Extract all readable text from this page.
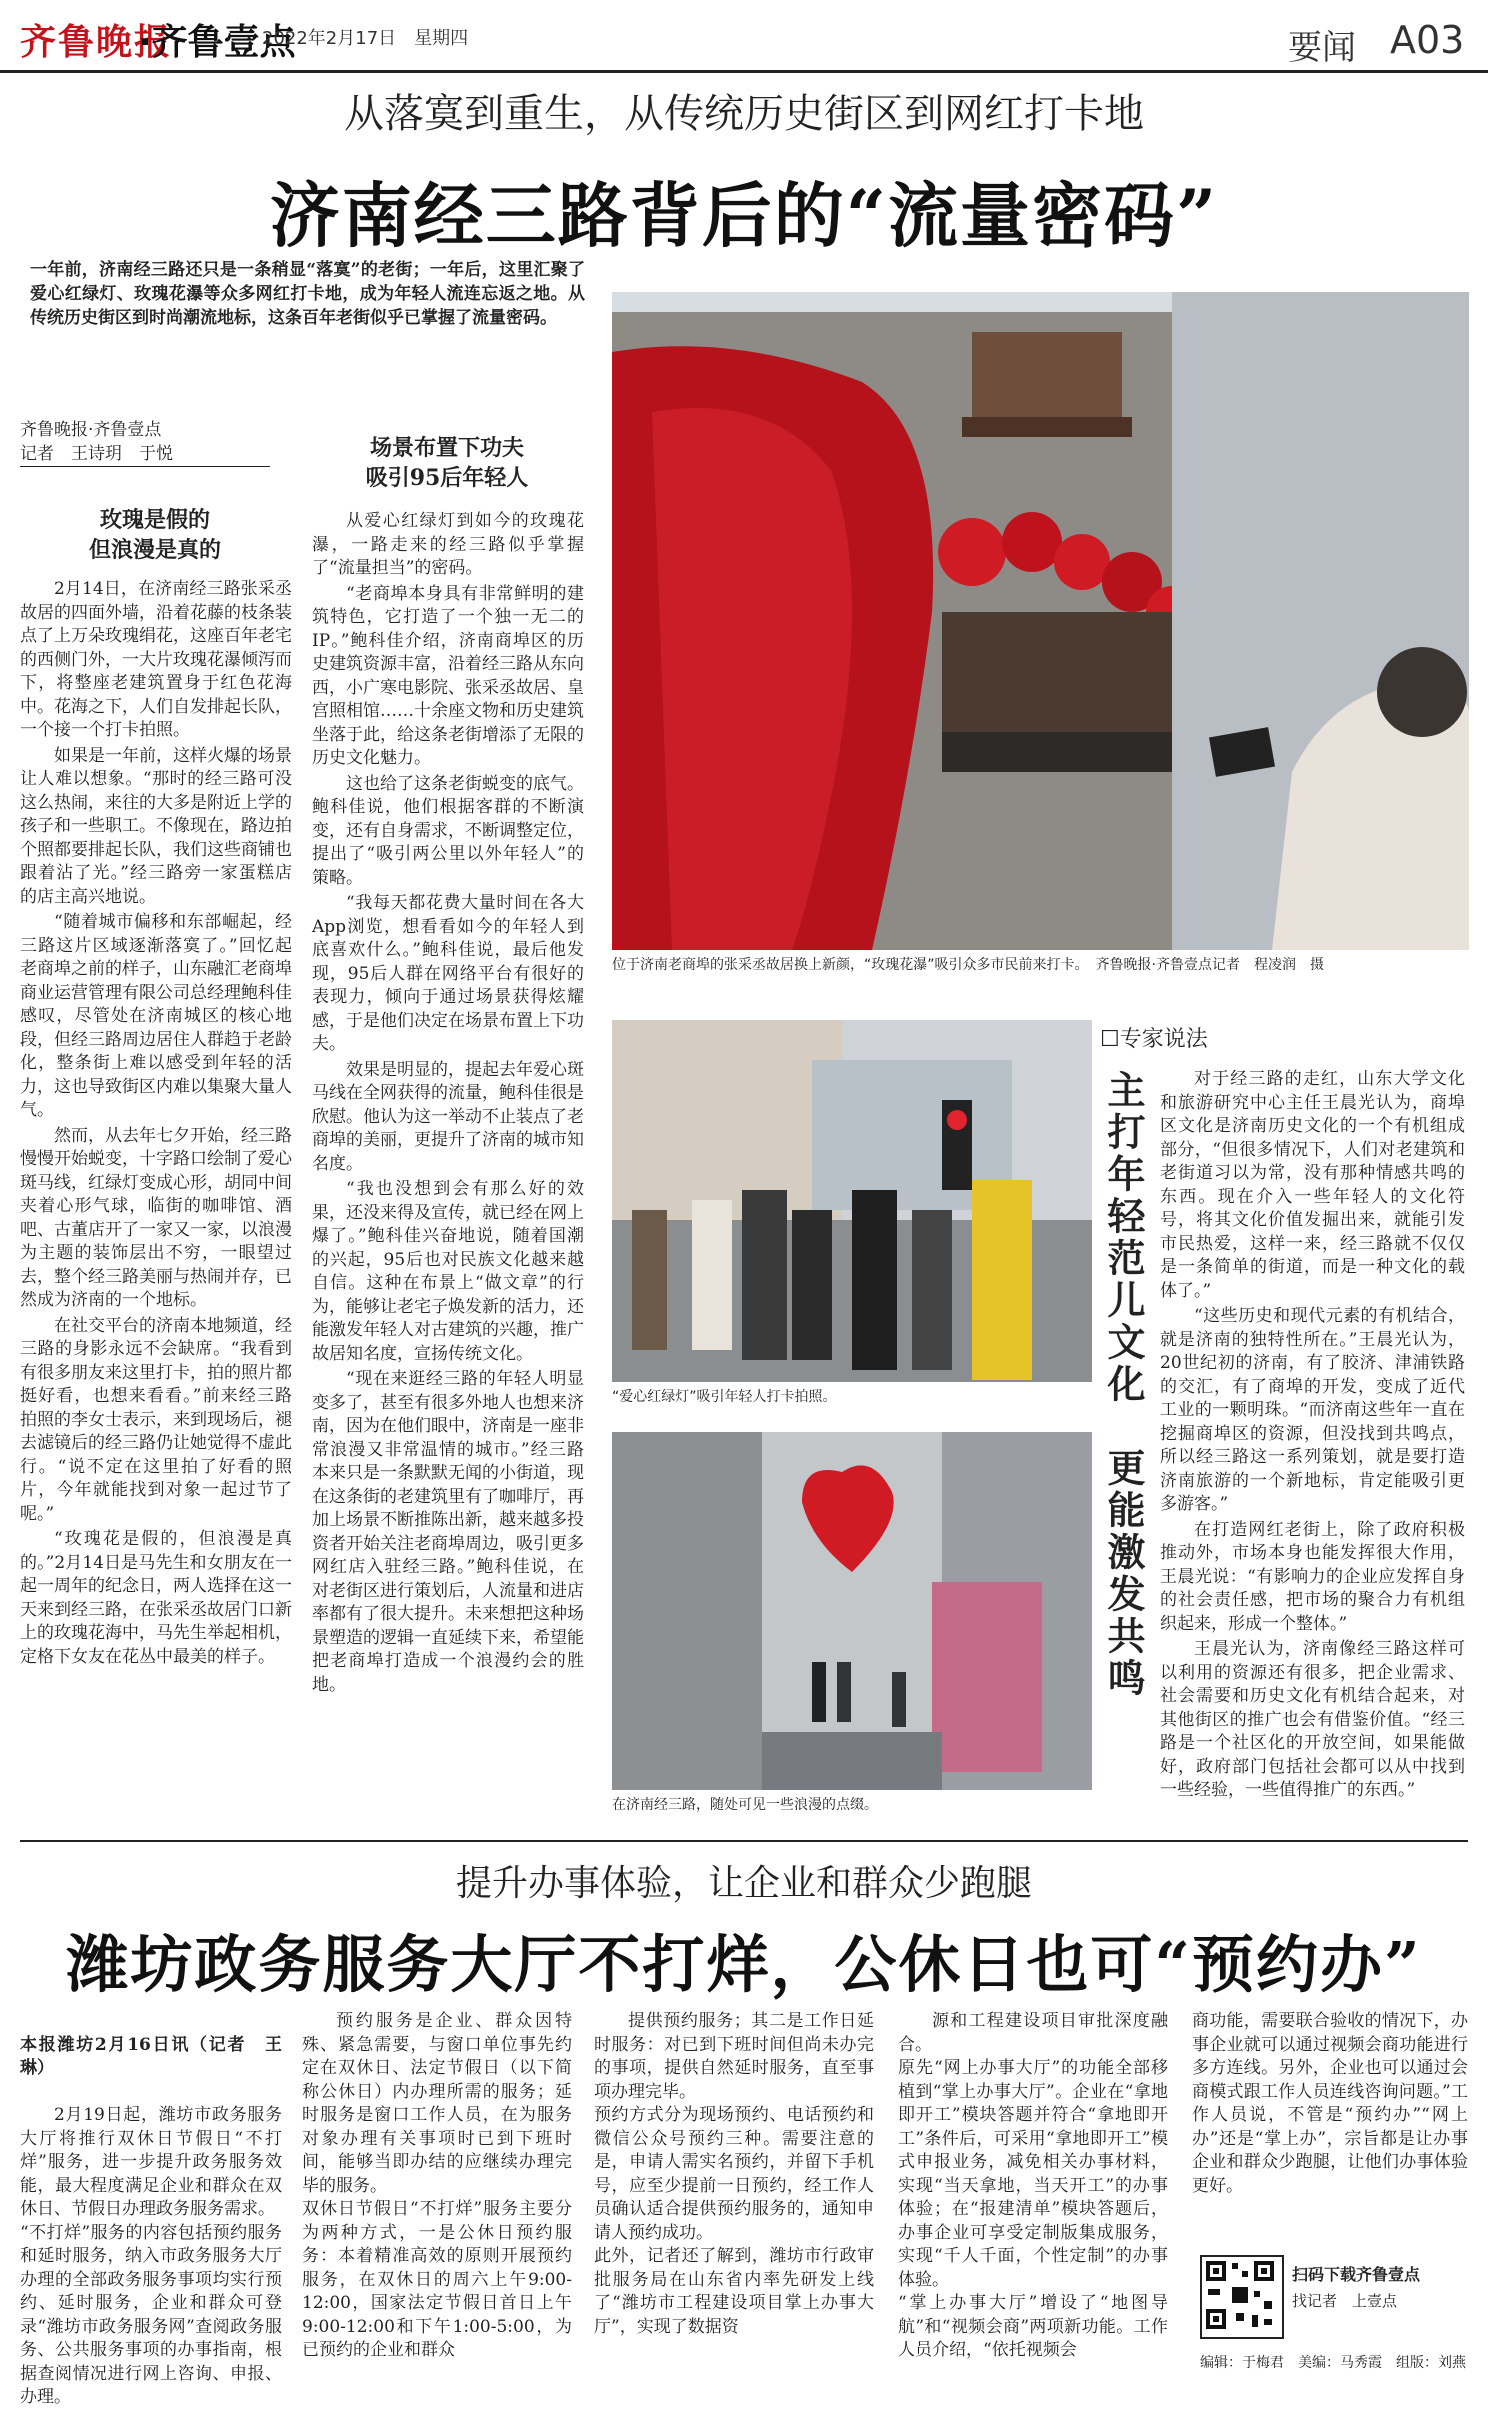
齐鲁晚报
·齐鲁壹点
2022年2月17日　星期四	要闻 A03
从落寞到重生，从传统历史街区到网红打卡地
济南经三路背后的“流量密码”
一年前，济南经三路还只是一条稍显“落寞”的老街；一年后，这里汇聚了爱心红绿灯、玫瑰花瀑等众多网红打卡地，成为年轻人流连忘返之地。从传统历史街区到时尚潮流地标，这条百年老街似乎已掌握了流量密码。
齐鲁晚报·齐鲁壹点
记者　王诗玥　于悦
玫瑰是假的
但浪漫是真的

2月14日，在济南经三路张采丞故居的四面外墙，沿着花藤的枝条装点了上万朵玫瑰绢花，这座百年老宅的西侧门外，一大片玫瑰花瀑倾泻而下，将整座老建筑置身于红色花海中。花海之下，人们自发排起长队，一个接一个打卡拍照。

如果是一年前，这样火爆的场景让人难以想象。“那时的经三路可没这么热闹，来往的大多是附近上学的孩子和一些职工。不像现在，路边拍个照都要排起长队，我们这些商铺也跟着沾了光。”经三路旁一家蛋糕店的店主高兴地说。

“随着城市偏移和东部崛起，经三路这片区域逐渐落寞了。”回忆起老商埠之前的样子，山东融汇老商埠商业运营管理有限公司总经理鲍科佳感叹，尽管处在济南城区的核心地段，但经三路周边居住人群趋于老龄化，整条街上难以感受到年轻的活力，这也导致街区内难以集聚大量人气。

然而，从去年七夕开始，经三路慢慢开始蜕变，十字路口绘制了爱心斑马线，红绿灯变成心形，胡同中间夹着心形气球，临街的咖啡馆、酒吧、古董店开了一家又一家，以浪漫为主题的装饰层出不穷，一眼望过去，整个经三路美丽与热闹并存，已然成为济南的一个地标。

在社交平台的济南本地频道，经三路的身影永远不会缺席。“我看到有很多朋友来这里打卡，拍的照片都挺好看，也想来看看。”前来经三路拍照的李女士表示，来到现场后，褪去滤镜后的经三路仍让她觉得不虚此行。“说不定在这里拍了好看的照片，今年就能找到对象一起过节了呢。”

“玫瑰花是假的，但浪漫是真的。”2月14日是马先生和女朋友在一起一周年的纪念日，两人选择在这一天来到经三路，在张采丞故居门口新上的玫瑰花海中，马先生举起相机，定格下女友在花丛中最美的样子。

场景布置下功夫
吸引95后年轻人

从爱心红绿灯到如今的玫瑰花瀑，一路走来的经三路似乎掌握了“流量担当”的密码。

“老商埠本身具有非常鲜明的建筑特色，它打造了一个独一无二的IP。”鲍科佳介绍，济南商埠区的历史建筑资源丰富，沿着经三路从东向西，小广寒电影院、张采丞故居、皇宫照相馆……十余座文物和历史建筑坐落于此，给这条老街增添了无限的历史文化魅力。

这也给了这条老街蜕变的底气。鲍科佳说，他们根据客群的不断演变，还有自身需求，不断调整定位，提出了“吸引两公里以外年轻人”的策略。

“我每天都花费大量时间在各大App浏览，想看看如今的年轻人到底喜欢什么。”鲍科佳说，最后他发现，95后人群在网络平台有很好的表现力，倾向于通过场景获得炫耀感，于是他们决定在场景布置上下功夫。

效果是明显的，提起去年爱心斑马线在全网获得的流量，鲍科佳很是欣慰。他认为这一举动不止装点了老商埠的美丽，更提升了济南的城市知名度。

“我也没想到会有那么好的效果，还没来得及宣传，就已经在网上爆了。”鲍科佳兴奋地说，随着国潮的兴起，95后也对民族文化越来越自信。这种在布景上“做文章”的行为，能够让老宅子焕发新的活力，还能激发年轻人对古建筑的兴趣，推广故居知名度，宣扬传统文化。

“现在来逛经三路的年轻人明显变多了，甚至有很多外地人也想来济南，因为在他们眼中，济南是一座非常浪漫又非常温情的城市。”经三路本来只是一条默默无闻的小街道，现在这条街的老建筑里有了咖啡厅，再加上场景不断推陈出新，越来越多投资者开始关注老商埠周边，吸引更多网红店入驻经三路。”鲍科佳说，在对老街区进行策划后，人流量和进店率都有了很大提升。未来想把这种场景塑造的逻辑一直延续下来，希望能把老商埠打造成一个浪漫约会的胜地。

位于济南老商埠的张采丞故居换上新颜，“玫瑰花瀑”吸引众多市民前来打卡。　齐鲁晚报·齐鲁壹点记者　程凌润　摄
“爱心红绿灯”吸引年轻人打卡拍照。
在济南经三路，随处可见一些浪漫的点缀。
☐专家说法
主打年轻范儿文化　更能激发共鸣	对于经三路的走红，山东大学文化和旅游研究中心主任王晨光认为，商埠区文化是济南历史文化的一个有机组成部分，“但很多情况下，人们对老建筑和老街道习以为常，没有那种情感共鸣的东西。现在介入一些年轻人的文化符号，将其文化价值发掘出来，就能引发市民热爱，这样一来，经三路就不仅仅是一条简单的街道，而是一种文化的载体了。”

“这些历史和现代元素的有机结合，就是济南的独特性所在。”王晨光认为，20世纪初的济南，有了胶济、津浦铁路的交汇，有了商埠的开发，变成了近代工业的一颗明珠。“而济南这些年一直在挖掘商埠区的资源，但没找到共鸣点，所以经三路这一系列策划，就是要打造济南旅游的一个新地标，肯定能吸引更多游客。”

在打造网红老街上，除了政府积极推动外，市场本身也能发挥很大作用，王晨光说：“有影响力的企业应发挥自身的社会责任感，把市场的聚合力有机组织起来，形成一个整体。”

王晨光认为，济南像经三路这样可以利用的资源还有很多，把企业需求、社会需要和历史文化有机结合起来，对其他街区的推广也会有借鉴价值。“经三路是一个社区化的开放空间，如果能做好，政府部门包括社会都可以从中找到一些经验，一些值得推广的东西。”

提升办事体验，让企业和群众少跑腿
潍坊政务服务大厅不打烊，公休日也可“预约办”

本报潍坊2月16日讯（记者　王琳）

2月19日起，潍坊市政务服务大厅将推行双休日节假日“不打烊”服务，进一步提升政务服务效能，最大程度满足企业和群众在双休日、节假日办理政务服务需求。
“不打烊”服务的内容包括预约服务和延时服务，纳入市政务服务大厅办理的全部政务服务事项均实行预约、延时服务，企业和群众可登录“潍坊市政务服务网”查阅政务服务、公共服务事项的办事指南，根据查阅情况进行网上咨询、申报、办理。

预约服务是企业、群众因特殊、紧急需要，与窗口单位事先约定在双休日、法定节假日（以下简称公休日）内办理所需的服务；延时服务是窗口工作人员，在为服务对象办理有关事项时已到下班时间，能够当即办结的应继续办理完毕的服务。
双休日节假日“不打烊”服务主要分为两种方式，一是公休日预约服务：本着精准高效的原则开展预约服务，在双休日的周六上午9:00-12:00，国家法定节假日首日上午9:00-12:00和下午1:00-5:00，为已预约的企业和群众
提供预约服务；其二是工作日延时服务：对已到下班时间但尚未办完的事项，提供自然延时服务，直至事项办理完毕。
预约方式分为现场预约、电话预约和微信公众号预约三种。需要注意的是，申请人需实名预约，并留下手机号，应至少提前一日预约，经工作人员确认适合提供预约服务的，通知申请人预约成功。
此外，记者还了解到，潍坊市行政审批服务局在山东省内率先研发上线了“潍坊市工程建设项目掌上办事大厅”，实现了数据资
源和工程建设项目审批深度融合。
原先“网上办事大厅”的功能全部移植到“掌上办事大厅”。企业在“拿地即开工”模块答题并符合“拿地即开工”条件后，可采用“拿地即开工”模式申报业务，减免相关办事材料，实现“当天拿地，当天开工”的办事体验；在“报建清单”模块答题后，办事企业可享受定制版集成服务，实现“千人千面，个性定制”的办事体验。
“掌上办事大厅”增设了“地图导航”和“视频会商”两项新功能。工作人员介绍，“依托视频会
商功能，需要联合验收的情况下，办事企业就可以通过视频会商功能进行多方连线。另外，企业也可以通过会商模式跟工作人员连线咨询问题。”工作人员说，不管是“预约办”“网上办”还是“掌上办”，宗旨都是让办事企业和群众少跑腿，让他们办事体验更好。
扫码下载齐鲁壹点
找记者　上壹点
编辑：于梅君　美编：马秀霞　组版：刘燕
